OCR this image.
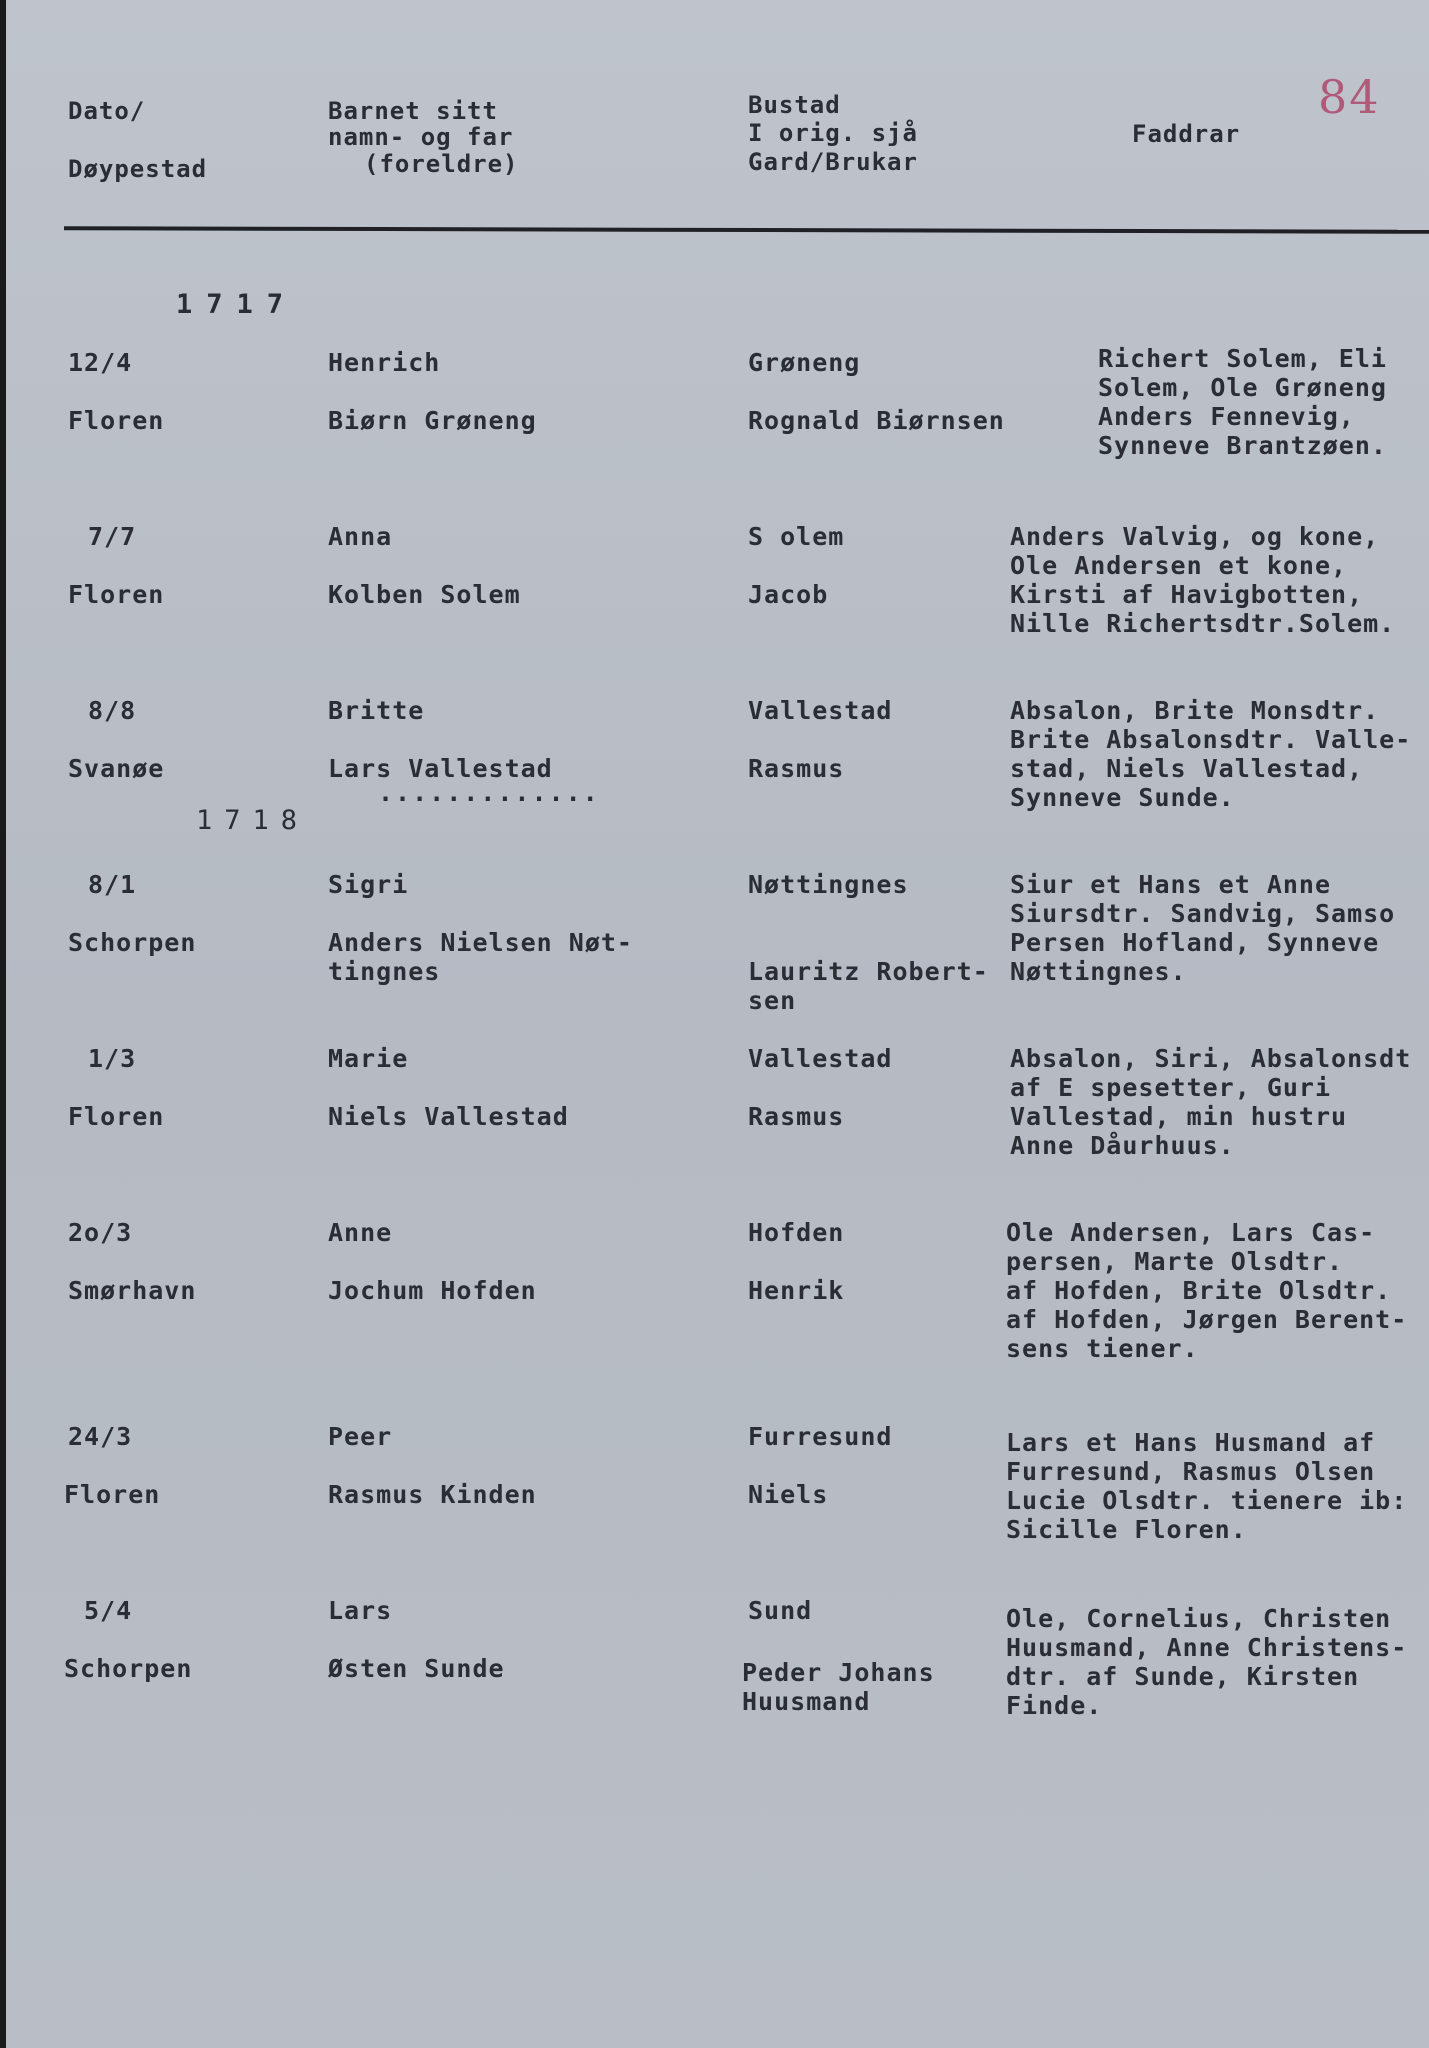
Dato/
Døypestad
Barnet sitt
namn- og far
(foreldre)
Bustad
I orig. sjå
Gard/Brukar
Faddrar
84
1717
12/4
Floren
Henrich
Biørn Grøneng
Grøneng
Rognald Biørnsen
Richert Solem, Eli
Solem, Ole Grøneng
Anders Fennevig,
Synneve Brantzøen.
7/7
Floren
Anna
Kolben Solem
S olem
Jacob
Anders Valvig, og kone,
Ole Andersen et kone,
Kirsti af Havigbotten,
Nille Richertsdtr.Solem.
8/8
Svanøe
Britte
Lars Vallestad
Vallestad
Rasmus
Absalon, Brite Monsdtr.
Brite Absalonsdtr. Valle-
stad, Niels Vallestad,
Synneve Sunde.
1718
.............
8/1
Schorpen
Sigri
Anders Nielsen Nøt-
tingnes
Nøttingnes
Lauritz Robert-
sen
Siur et Hans et Anne
Siursdtr. Sandvig, Samso
Persen Hofland, Synneve
Nøttingnes.
1/3
Floren
Marie
Niels Vallestad
Vallestad
Rasmus
Absalon, Siri, Absalonsdt
af E spesetter, Guri
Vallestad, min hustru
Anne Dåurhuus.
2o/3
Smørhavn
Anne
Jochum Hofden
Hofden
Henrik
Ole Andersen, Lars Cas-
persen, Marte Olsdtr.
af Hofden, Brite Olsdtr.
af Hofden, Jørgen Berent-
sens tiener.
24/3
Floren
Peer
Rasmus Kinden
Furresund
Niels
Lars et Hans Husmand af
Furresund, Rasmus Olsen
Lucie Olsdtr. tienere ib:
Sicille Floren.
5/4
Schorpen
Lars
Østen Sunde
Sund
Peder Johans
Huusmand
Ole, Cornelius, Christen
Huusmand, Anne Christens-
dtr. af Sunde, Kirsten
Finde.
